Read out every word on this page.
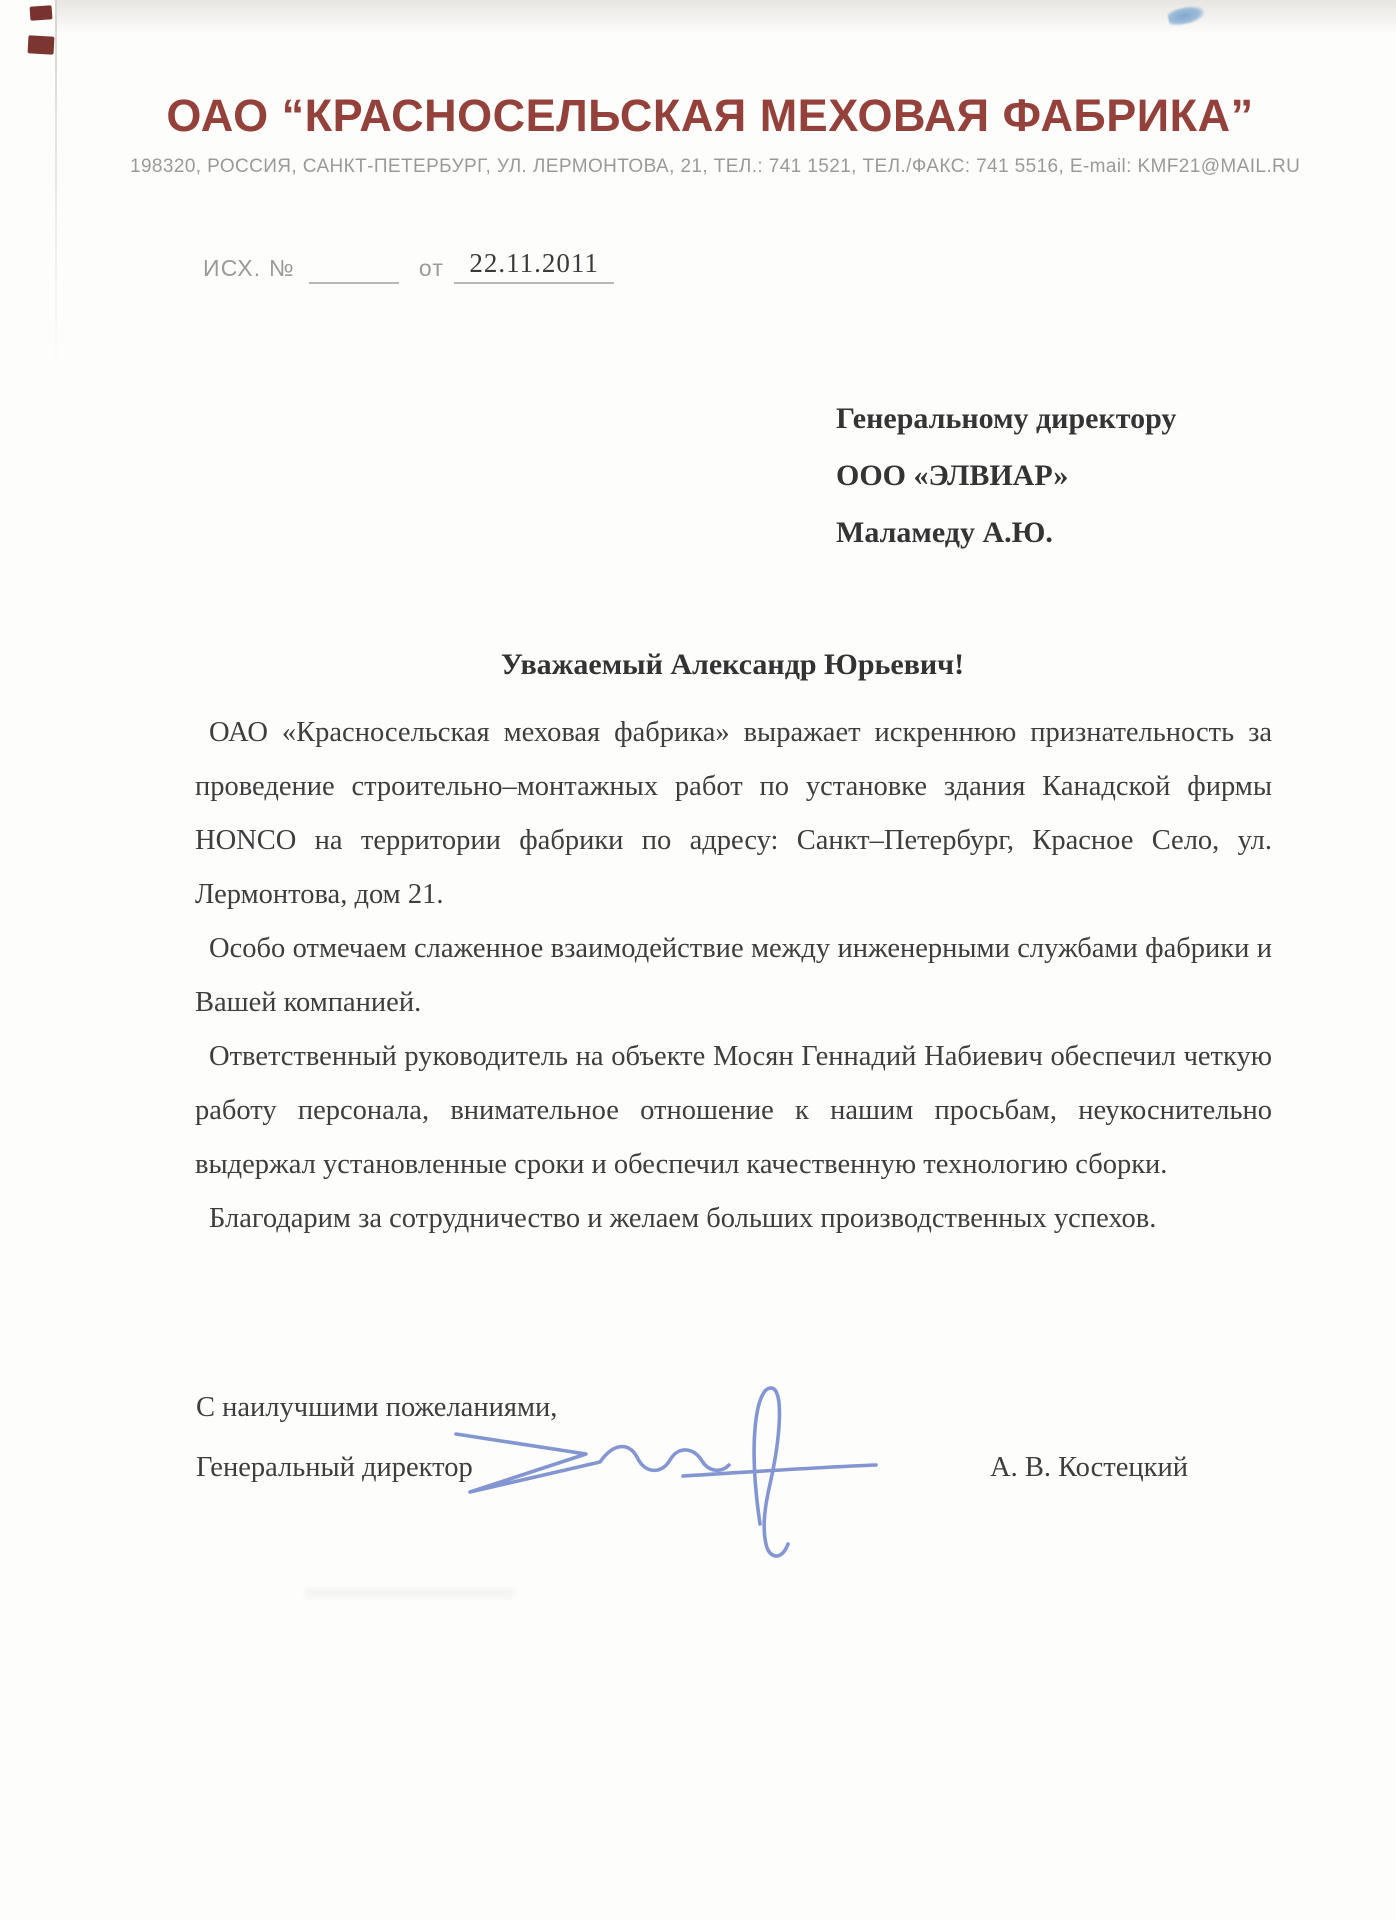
ОАО “КРАСНОСЕЛЬСКАЯ МЕХОВАЯ ФАБРИКА”
198320, РОССИЯ, САНКТ-ПЕТЕРБУРГ, УЛ. ЛЕРМОНТОВА, 21, ТЕЛ.: 741 1521, ТЕЛ./ФАКС: 741 5516, E-mail: KMF21@MAIL.RU
ИСХ. №	от 22.11.2011
Генеральному директору
ООО «ЭЛВИАР»
Маламеду А.Ю.
Уважаемый Александр Юрьевич!

ОАО «Красносельская меховая фабрика» выражает искреннюю признательность за проведение строительно–монтажных работ по установке здания Канадской фирмы HONCO на территории фабрики по адресу: Санкт–Петербург, Красное Село, ул. Лермонтова, дом 21.

Особо отмечаем слаженное взаимодействие между инженерными службами фабрики и Вашей компанией.

Ответственный руководитель на объекте Мосян Геннадий Набиевич обеспечил четкую работу персонала, внимательное отношение к нашим просьбам, неукоснительно выдержал установленные сроки и обеспечил качественную технологию сборки.

Благодарим за сотрудничество и желаем больших производственных успехов.

С наилучшими пожеланиями,
Генеральный директор	А. В. Костецкий
